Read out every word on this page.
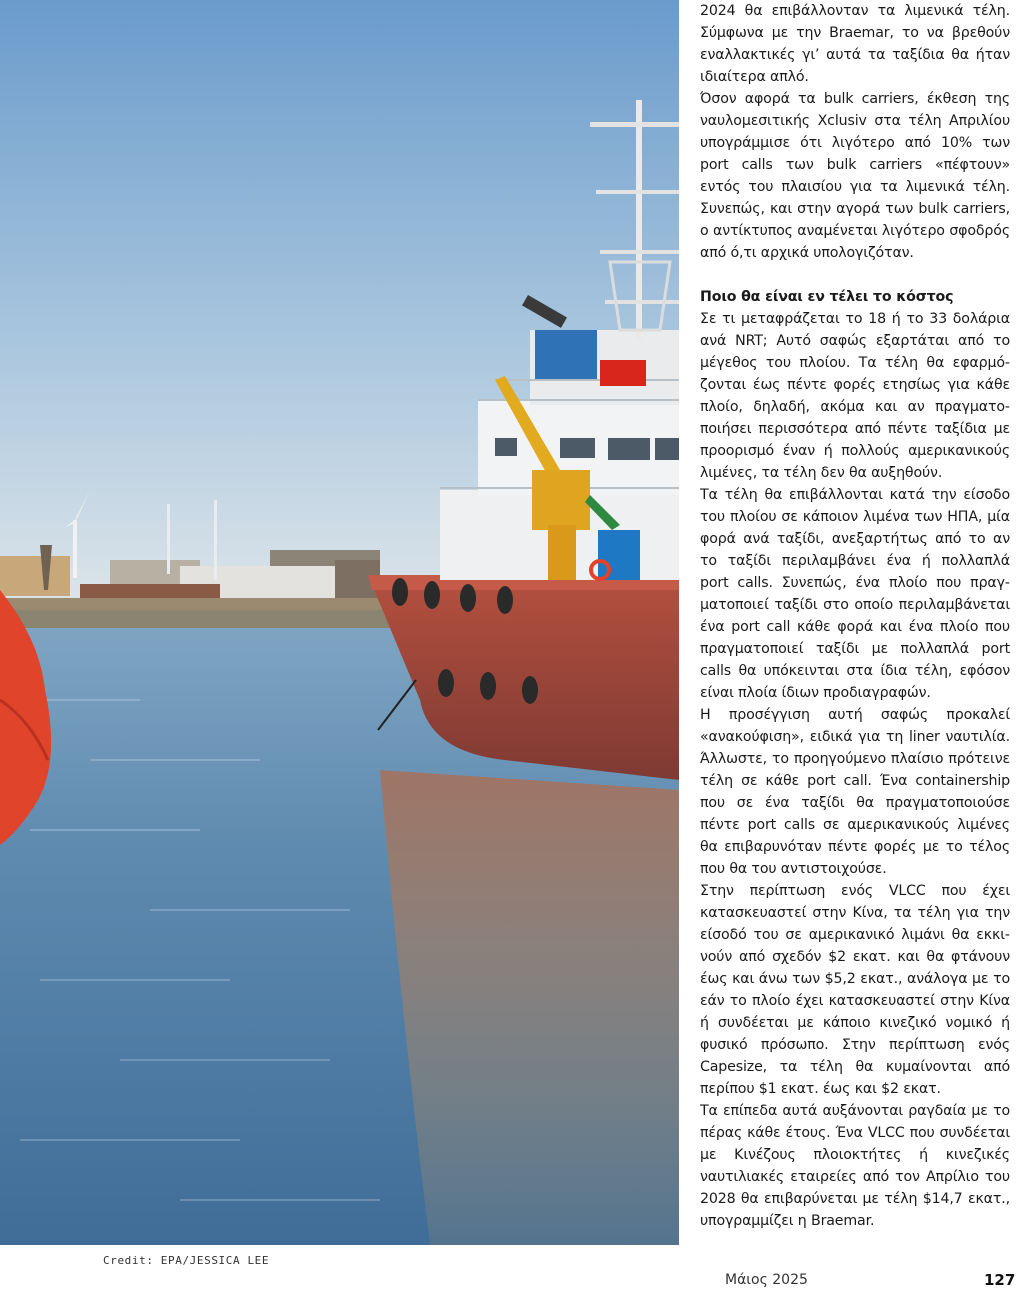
Credit: EPA/JESSICA LEE

2024 θα επιβάλλονταν τα λιμενικά τέλη. Σύμφωνα με την Braemar, το να βρεθούν εναλλακτικές γι’ αυτά τα ταξίδια θα ήταν ιδιαίτερα απλό.

Όσον αφορά τα bulk carriers, έκθεση της ναυλομεσιτικής Xclusiv στα τέλη Απριλίου υπογράμμισε ότι λιγότερο από 10% των port calls των bulk carriers «πέφτουν» εντός του πλαισίου για τα λιμενικά τέλη. Συνεπώς, και στην αγορά των bulk carriers, ο αντίκτυπος αναμένεται λιγότερο σφοδρός από ό,τι αρχικά υπολογιζόταν.

Ποιο θα είναι εν τέλει το κόστος

Σε τι μεταφράζεται το 18 ή το 33 δολάρια ανά NRT; Αυτό σαφώς εξαρτάται από το μέγεθος του πλοίου. Τα τέλη θα εφαρμόζονται έως πέντε φορές ετησίως για κάθε πλοίο, δηλαδή, ακόμα και αν πραγματοποιήσει περισσότερα από πέντε ταξίδια με προορισμό έναν ή πολλούς αμερικανικούς λιμένες, τα τέλη δεν θα αυξηθούν.

Τα τέλη θα επιβάλλονται κατά την είσοδο του πλοίου σε κάποιον λιμένα των ΗΠΑ, μία φορά ανά ταξίδι, ανεξαρτήτως από το αν το ταξίδι περιλαμβάνει ένα ή πολλαπλά port calls. Συνεπώς, ένα πλοίο που πραγματοποιεί ταξίδι στο οποίο περιλαμβάνεται ένα port call κάθε φορά και ένα πλοίο που πραγματοποιεί ταξίδι με πολλαπλά port calls θα υπόκεινται στα ίδια τέλη, εφόσον είναι πλοία ίδιων προδιαγραφών.

Η προσέγγιση αυτή σαφώς προκαλεί «ανακούφιση», ειδικά για τη liner ναυτιλία. Άλλωστε, το προηγούμενο πλαίσιο πρότεινε τέλη σε κάθε port call. Ένα containership που σε ένα ταξίδι θα πραγματοποιούσε πέντε port calls σε αμερικανικούς λιμένες θα επιβαρυνόταν πέντε φορές με το τέλος που θα του αντιστοιχούσε.

Στην περίπτωση ενός VLCC που έχει κατασκευαστεί στην Κίνα, τα τέλη για την είσοδό του σε αμερικανικό λιμάνι θα εκκινούν από σχεδόν $2 εκατ. και θα φτάνουν έως και άνω των $5,2 εκατ., ανάλογα με το εάν το πλοίο έχει κατασκευαστεί στην Κίνα ή συνδέεται με κάποιο κινεζικό νομικό ή φυσικό πρόσωπο. Στην περίπτωση ενός Capesize, τα τέλη θα κυμαίνονται από περίπου $1 εκατ. έως και $2 εκατ.

Τα επίπεδα αυτά αυξάνονται ραγδαία με το πέρας κάθε έτους. Ένα VLCC που συνδέεται με Κινέζους πλοιοκτήτες ή κινεζικές ναυτιλιακές εταιρείες από τον Απρίλιο του 2028 θα επιβαρύνεται με τέλη $14,7 εκατ., υπογραμμίζει η Braemar.

Μάιος 2025	127
